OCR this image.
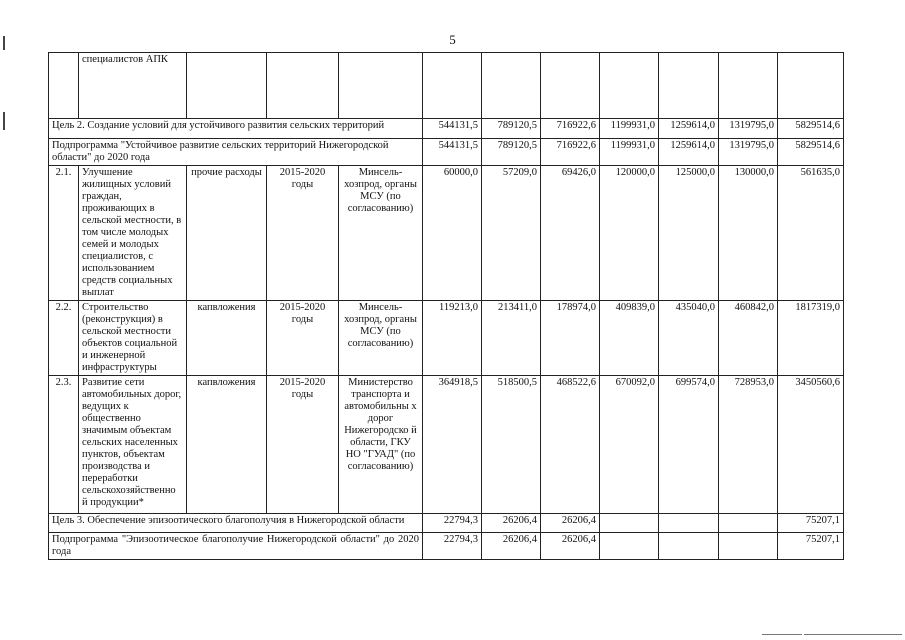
5
	специалистов АПК										
Цель 2. Создание условий для устойчивого развития сельских территорий					544131,5	789120,5	716922,6	1199931,0	1259614,0	1319795,0	5829514,6
Подпрограмма "Устойчивое развитие сельских территорий Нижегородской области" до 2020 года					544131,5	789120,5	716922,6	1199931,0	1259614,0	1319795,0	5829514,6
2.1.	Улучшение жилищных условий граждан, проживающих в сельской местности, в том числе молодых семей и молодых специалистов, с использованием средств социальных выплат	прочие расходы	2015-2020 годы	Минсель-хозпрод, органы МСУ (по согласованию)	60000,0	57209,0	69426,0	120000,0	125000,0	130000,0	561635,0
2.2.	Строительство (реконструкция) в сельской местности объектов социальной и инженерной инфраструктуры	капвложения	2015-2020 годы	Минсель-хозпрод, органы МСУ (по согласованию)	119213,0	213411,0	178974,0	409839,0	435040,0	460842,0	1817319,0
2.3.	Развитие сети автомобильных дорог, ведущих к общественно значимым объектам сельских населенных пунктов, объектам производства и переработки сельскохозяйственно й продукции*	капвложения	2015-2020 годы	Министерство транспорта и автомобильны х дорог Нижегородско й области, ГКУ НО "ГУАД" (по согласованию)	364918,5	518500,5	468522,6	670092,0	699574,0	728953,0	3450560,6
Цель 3. Обеспечение эпизоотического благополучия в Нижегородской области					22794,3	26206,4	26206,4				75207,1
Подпрограмма "Эпизоотическое благополучие Нижегородской области" до 2020 года					22794,3	26206,4	26206,4				75207,1
